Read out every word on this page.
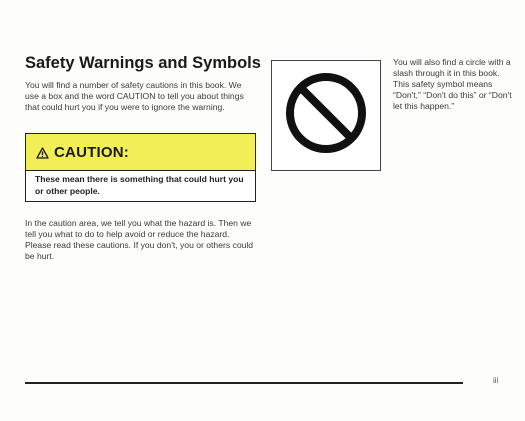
Safety Warnings and Symbols
You will find a number of safety cautions in this book. We use a box and the word CAUTION to tell you about things that could hurt you if you were to ignore the warning.
CAUTION:
These mean there is something that could hurt you or other people.
In the caution area, we tell you what the hazard is. Then we tell you what to do to help avoid or reduce the hazard. Please read these cautions. If you don't, you or others could be hurt.
You will also find a circle with a slash through it in this book. This safety symbol means “Don't,” “Don't do this” or “Don't let this happen.”
iii
